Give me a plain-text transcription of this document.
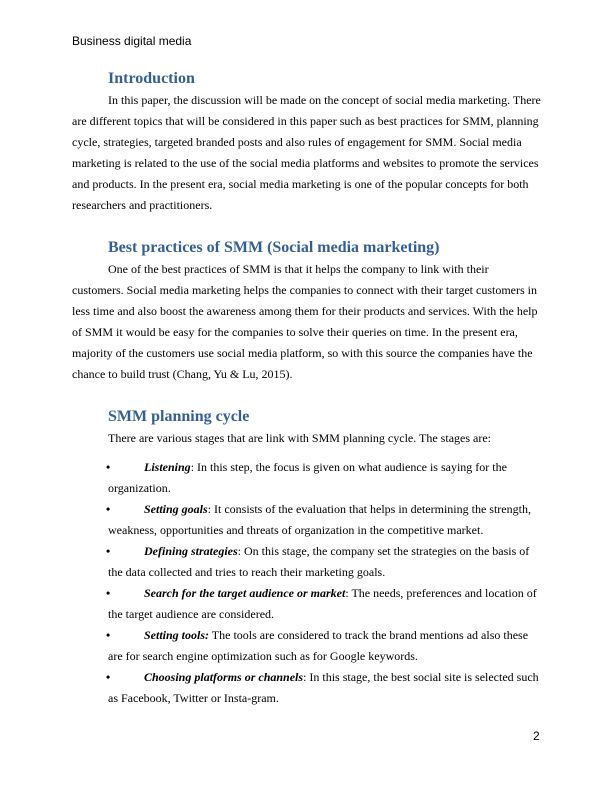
Business digital media
Introduction

In this paper, the discussion will be made on the concept of social media marketing. There are different topics that will be considered in this paper such as best practices for SMM, planning cycle, strategies, targeted branded posts and also rules of engagement for SMM. Social media marketing is related to the use of the social media platforms and websites to promote the services and products. In the present era, social media marketing is one of the popular concepts for both researchers and practitioners.

Best practices of SMM (Social media marketing)

One of the best practices of SMM is that it helps the company to link with their customers. Social media marketing helps the companies to connect with their target customers in less time and also boost the awareness among them for their products and services. With the help of SMM it would be easy for the companies to solve their queries on time. In the present era, majority of the customers use social media platform, so with this source the companies have the chance to build trust (Chang, Yu & Lu, 2015).

SMM planning cycle

There are various stages that are link with SMM planning cycle. The stages are:

•	Listening: In this step, the focus is given on what audience is saying for the organization.
•	Setting goals: It consists of the evaluation that helps in determining the strength, weakness, opportunities and threats of organization in the competitive market.
•	Defining strategies: On this stage, the company set the strategies on the basis of the data collected and tries to reach their marketing goals.
•	Search for the target audience or market: The needs, preferences and location of the target audience are considered.
•	Setting tools: The tools are considered to track the brand mentions ad also these are for search engine optimization such as for Google keywords.
•	Choosing platforms or channels: In this stage, the best social site is selected such as Facebook, Twitter or Insta-gram.
2
